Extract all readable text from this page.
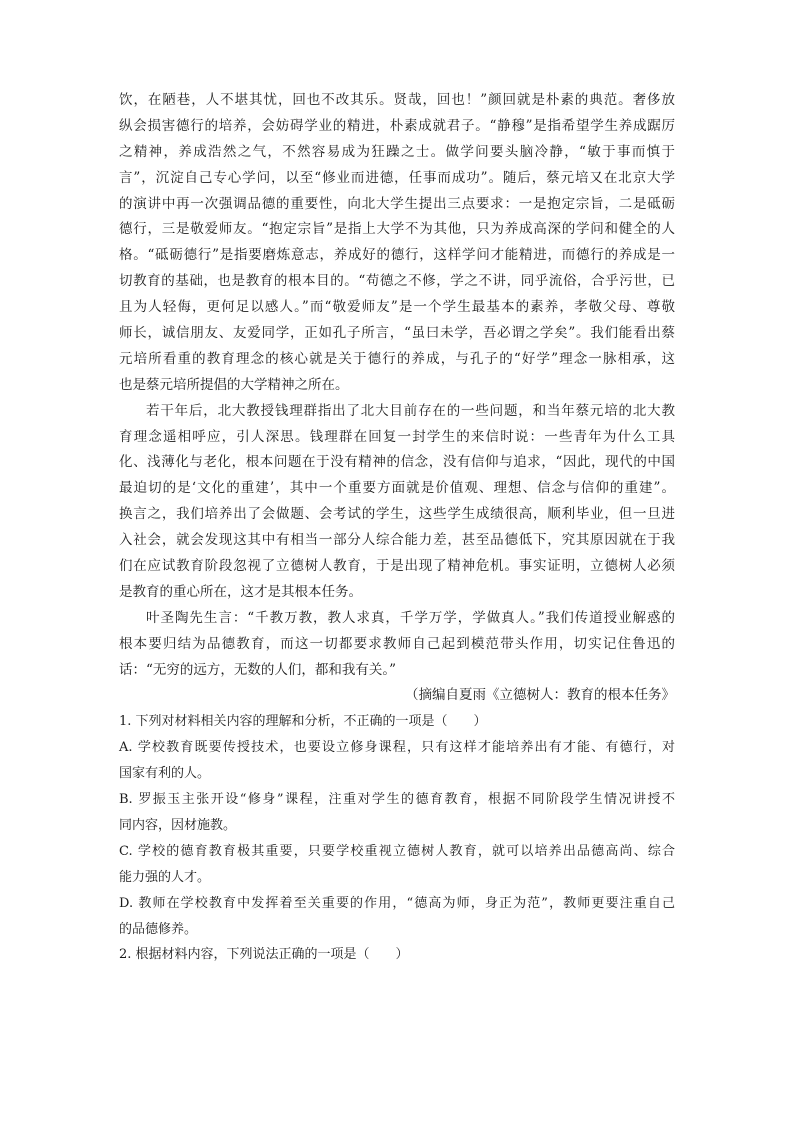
饮，在陋巷，人不堪其忧，回也不改其乐。贤哉，回也！”颜回就是朴素的典范。奢侈放
纵会损害德行的培养，会妨碍学业的精进，朴素成就君子。“静穆”是指希望学生养成踞厉
之精神，养成浩然之气，不然容易成为狂躁之士。做学问要头脑冷静，“敏于事而慎于
言”，沉淀自己专心学问，以至“修业而进德，任事而成功”。随后，蔡元培又在北京大学
的演讲中再一次强调品德的重要性，向北大学生提出三点要求：一是抱定宗旨，二是砥砺
德行，三是敬爱师友。“抱定宗旨”是指上大学不为其他，只为养成高深的学问和健全的人
格。“砥砺德行”是指要磨炼意志，养成好的德行，这样学问才能精进，而德行的养成是一
切教育的基础，也是教育的根本目的。“苟德之不修，学之不讲，同乎流俗，合乎污世，已
且为人轻侮，更何足以感人。”而“敬爱师友”是一个学生最基本的素养，孝敬父母、尊敬
师长，诚信朋友、友爱同学，正如孔子所言，“虽曰未学，吾必谓之学矣”。我们能看出蔡
元培所看重的教育理念的核心就是关于德行的养成，与孔子的“好学”理念一脉相承，这
也是蔡元培所提倡的大学精神之所在。
若干年后，北大教授钱理群指出了北大目前存在的一些问题，和当年蔡元培的北大教
育理念遥相呼应，引人深思。钱理群在回复一封学生的来信时说：一些青年为什么工具
化、浅薄化与老化，根本问题在于没有精神的信念，没有信仰与追求，“因此，现代的中国
最迫切的是‘文化的重建’，其中一个重要方面就是价值观、理想、信念与信仰的重建”。
换言之，我们培养出了会做题、会考试的学生，这些学生成绩很高，顺利毕业，但一旦进
入社会，就会发现这其中有相当一部分人综合能力差，甚至品德低下，究其原因就在于我
们在应试教育阶段忽视了立德树人教育，于是出现了精神危机。事实证明，立德树人必须
是教育的重心所在，这才是其根本任务。
叶圣陶先生言：“千教万教，教人求真，千学万学，学做真人。”我们传道授业解惑的
根本要归结为品德教育，而这一切都要求教师自己起到模范带头作用，切实记住鲁迅的
话：“无穷的远方，无数的人们，都和我有关。”
（摘编自夏雨《立德树人：教育的根本任务》
1. 下列对材料相关内容的理解和分析，不正确的一项是（　　）
A. 学校教育既要传授技术，也要设立修身课程，只有这样才能培养出有才能、有德行，对
国家有利的人。
B. 罗振玉主张开设“修身”课程，注重对学生的德育教育，根据不同阶段学生情况讲授不
同内容，因材施教。
C. 学校的德育教育极其重要，只要学校重视立德树人教育，就可以培养出品德高尚、综合
能力强的人才。
D. 教师在学校教育中发挥着至关重要的作用，“德高为师，身正为范”，教师更要注重自己
的品德修养。
2. 根据材料内容，下列说法正确的一项是（　　）
